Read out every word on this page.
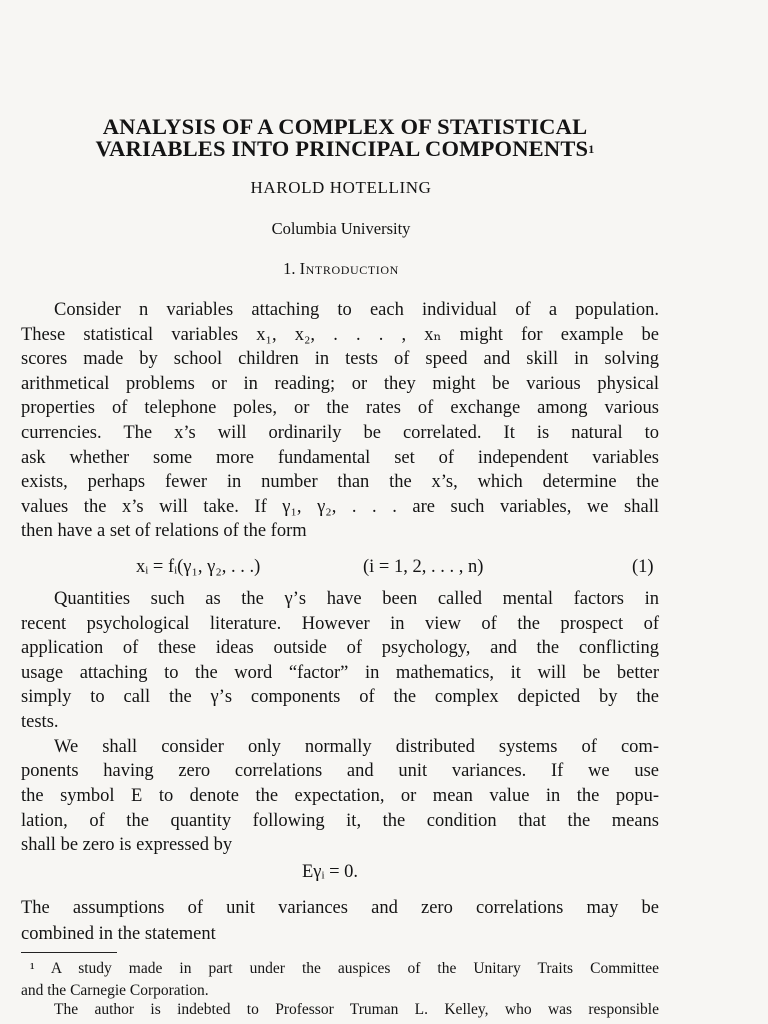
ANALYSIS OF A COMPLEX OF STATISTICAL
VARIABLES INTO PRINCIPAL COMPONENTS$^1$
HAROLD HOTELLING
Columbia University
1. Introduction
Consider n variables attaching to each individual of a population.
These statistical variables x₁, x₂, . . . , xₙ might for example be
scores made by school children in tests of speed and skill in solving
arithmetical problems or in reading; or they might be various physical
properties of telephone poles, or the rates of exchange among various
currencies. The x’s will ordinarily be correlated. It is natural to
ask whether some more fundamental set of independent variables
exists, perhaps fewer in number than the x’s, which determine the
values the x’s will take. If γ₁, γ₂, . . . are such variables, we shall
then have a set of relations of the form
xᵢ = fᵢ(γ₁, γ₂, . . .)	(i = 1, 2, . . . , n)	(1)
Quantities such as the γ’s have been called mental factors in
recent psychological literature. However in view of the prospect of
application of these ideas outside of psychology, and the conflicting
usage attaching to the word “factor” in mathematics, it will be better
simply to call the γ’s components of the complex depicted by the
tests.
We shall consider only normally distributed systems of com-
ponents having zero correlations and unit variances. If we use
the symbol E to denote the expectation, or mean value in the popu-
lation, of the quantity following it, the condition that the means
shall be zero is expressed by
Eγᵢ = 0.
The assumptions of unit variances and zero correlations may be
combined in the statement
¹ A study made in part under the auspices of the Unitary Traits Committee
and the Carnegie Corporation.
The author is indebted to Professor Truman L. Kelley, who was responsible
